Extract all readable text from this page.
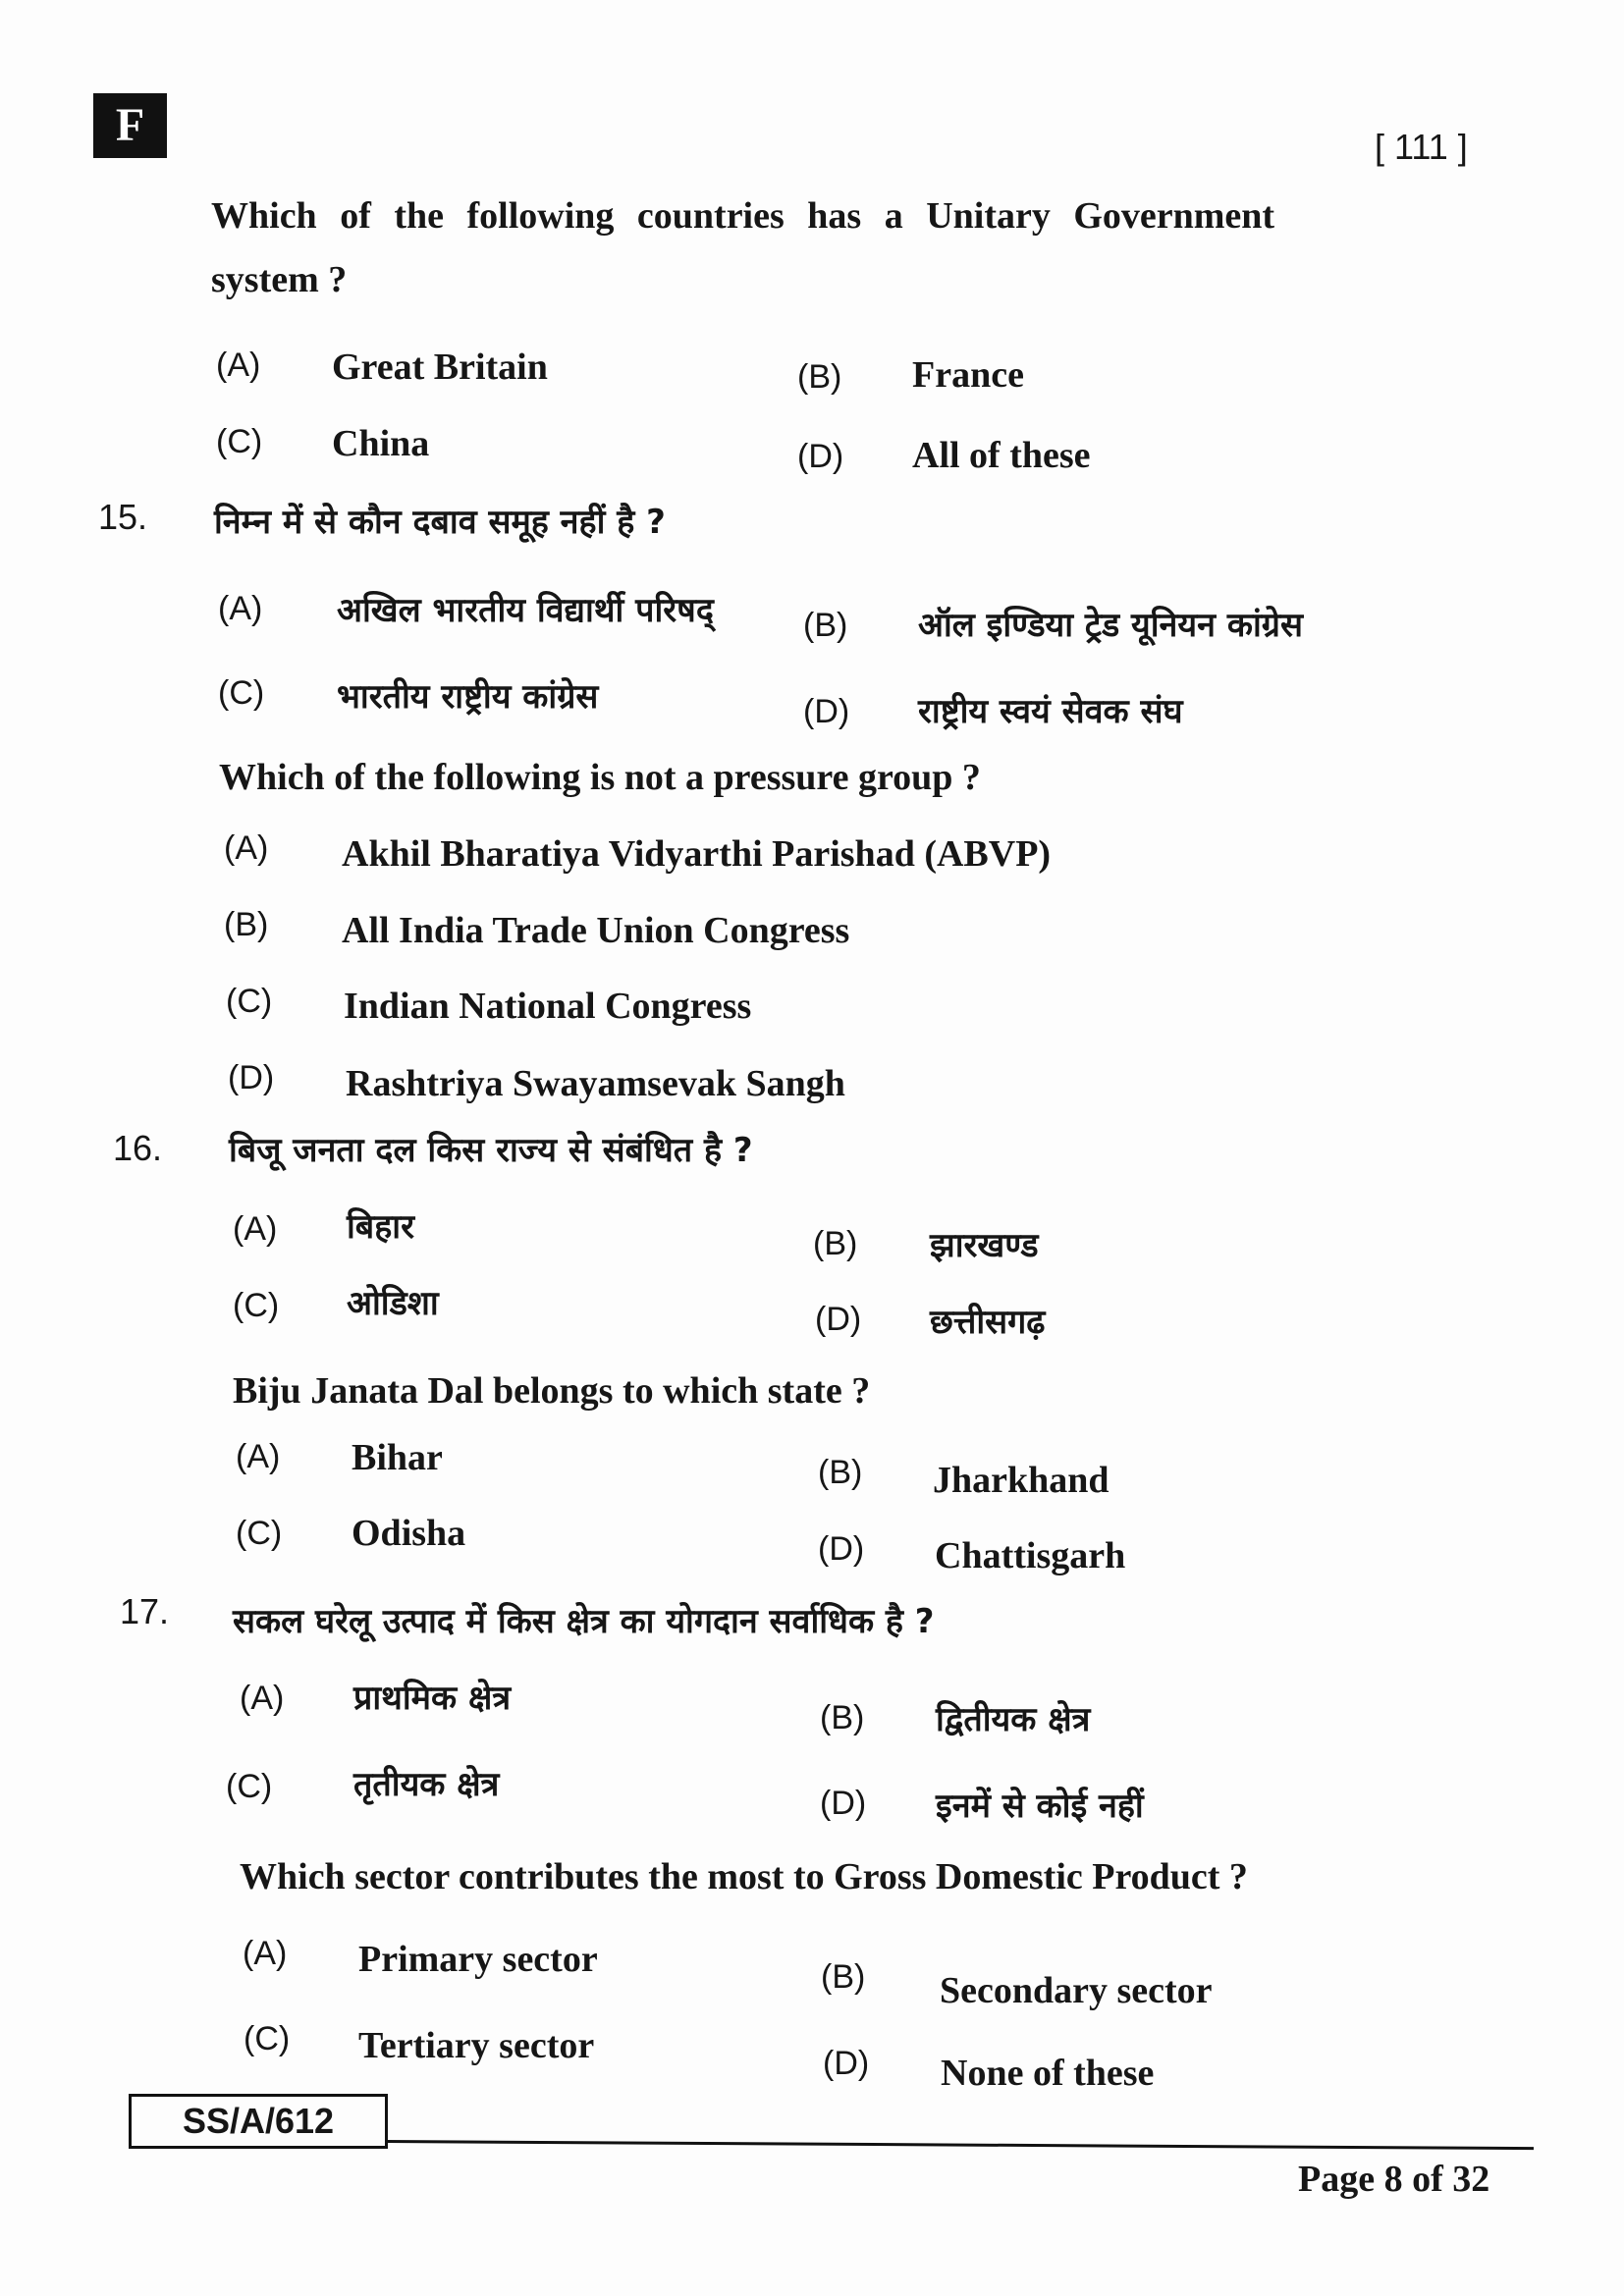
F	[ 111 ]
Which of the following countries has a Unitary Government
system ?
(A) Great Britain	(B) France
(C) China	(D) All of these
15. निम्न में से कौन दबाव समूह नहीं है ?
(A) अखिल भारतीय विद्यार्थी परिषद्	(B) ऑल इण्डिया ट्रेड यूनियन कांग्रेस
(C) भारतीय राष्ट्रीय कांग्रेस	(D) राष्ट्रीय स्वयं सेवक संघ
Which of the following is not a pressure group ?
(A) Akhil Bharatiya Vidyarthi Parishad (ABVP)
(B) All India Trade Union Congress
(C) Indian National Congress
(D) Rashtriya Swayamsevak Sangh
16. बिजू जनता दल किस राज्य से संबंधित है ?
(A) बिहार	(B) झारखण्ड
(C) ओडिशा	(D) छत्तीसगढ़
Biju Janata Dal belongs to which state ?
(A) Bihar	(B) Jharkhand
(C) Odisha	(D) Chattisgarh
17. सकल घरेलू उत्पाद में किस क्षेत्र का योगदान सर्वाधिक है ?
(A) प्राथमिक क्षेत्र	(B) द्वितीयक क्षेत्र
(C) तृतीयक क्षेत्र	(D) इनमें से कोई नहीं
Which sector contributes the most to Gross Domestic Product ?
(A) Primary sector	(B) Secondary sector
(C) Tertiary sector	(D) None of these
SS/A/612
Page 8 of 32
